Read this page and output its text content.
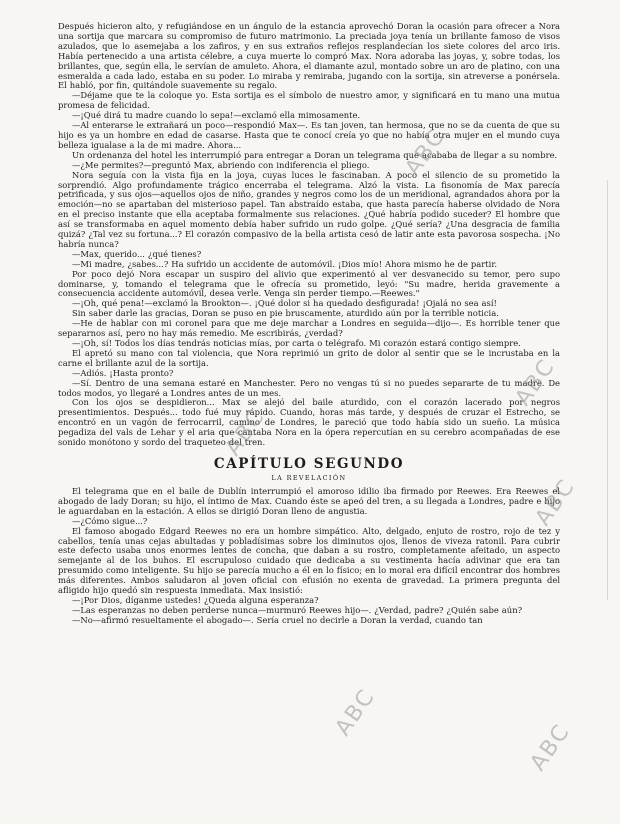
Después hicieron alto, y refugiándose en un ángulo de la estancia aprovechó Doran la ocasión para ofrecer a Nora una sortija que marcara su compromiso de futuro matrimonio. La preciada joya tenía un brillante famoso de visos azulados, que lo asemejaba a los zafiros, y en sus extraños reflejos resplandecían los siete colores del arco iris. Había pertenecido a una artista célebre, a cuya muerte lo compró Max. Nora adoraba las joyas, y, sobre todas, los brillantes, que, según ella, le servían de amuleto. Ahora, el diamante azul, montado sobre un aro de platino, con una esmeralda a cada lado, estaba en su poder. Lo miraba y remiraba, jugando con la sortija, sin atreverse a ponérsela. El habló, por fin, quitándole suavemente su regalo.

—Déjame que te la coloque yo. Esta sortija es el símbolo de nuestro amor, y significará en tu mano una mutua promesa de felicidad.

—¡Qué dirá tu madre cuando lo sepa!—exclamó ella mimosamente.

—Al enterarse le extrañará un poco—respondió Max—. Es tan joven, tan hermosa, que no se da cuenta de que su hijo es ya un hombre en edad de casarse. Hasta que te conocí creía yo que no había otra mujer en el mundo cuya belleza igualase a la de mi madre. Ahora...

Un ordenanza del hotel les interrumpió para entregar a Doran un telegrama que acababa de llegar a su nombre.

—¿Me permites?—preguntó Max, abriendo con indiferencia el pliego.

Nora seguía con la vista fija en la joya, cuyas luces le fascinaban. A poco el silencio de su prometido la sorprendió. Algo profundamente trágico encerraba el telegrama. Alzó la vista. La fisonomía de Max parecía petrificada, y sus ojos—aquellos ojos de niño, grandes y negros como los de un meridional, agrandados ahora por la emoción—no se apartaban del misterioso papel. Tan abstraído estaba, que hasta parecía haberse olvidado de Nora en el preciso instante que ella aceptaba formalmente sus relaciones. ¿Qué habría podido suceder? El hombre que así se transformaba en aquel momento debía haber sufrido un rudo golpe. ¿Qué sería? ¿Una desgracia de familia quizá? ¿Tal vez su fortuna...? El corazón compasivo de la bella artista cesó de latir ante esta pavorosa sospecha. ¡No habría nunca?

—Max, querido... ¿qué tienes?

—Mi madre, ¿sabes...? Ha sufrido un accidente de automóvil. ¡Dios mío! Ahora mismo he de partir.

Por poco dejó Nora escapar un suspiro del alivio que experimentó al ver desvanecido su temor, pero supo dominarse, y, tomando el telegrama que le ofrecía su prometido, leyó: "Su madre, herida gravemente a consecuencia accidente automóvil, desea verle. Venga sin perder tiempo.—Reewes."

—¡Oh, qué pena!—exclamó la Brookton—. ¡Qué dolor si ha quedado desfigurada! ¡Ojalá no sea así!

Sin saber darle las gracias, Doran se puso en pie bruscamente, aturdido aún por la terrible noticia.

—He de hablar con mi coronel para que me deje marchar a Londres en seguida—dijo—. Es horrible tener que separarnos así, pero no hay más remedio. Me escribirás, ¿verdad?

—¡Oh, sí! Todos los días tendrás noticias mías, por carta o telégrafo. Mi corazón estará contigo siempre.

El apretó su mano con tal violencia, que Nora reprimió un grito de dolor al sentir que se le incrustaba en la carne el brillante azul de la sortija.

—Adiós. ¡Hasta pronto?

—Sí. Dentro de una semana estaré en Manchester. Pero no vengas tú si no puedes separarte de tu madre. De todos modos, yo llegaré a Londres antes de un mes.

Con los ojos se despidieron... Max se alejó del baile aturdido, con el corazón lacerado por negros presentimientos. Después... todo fué muy rápido. Cuando, horas más tarde, y después de cruzar el Estrecho, se encontró en un vagón de ferrocarril, camino de Londres, le pareció que todo había sido un sueño. La música pegadiza del vals de Lehar y el aria que cantaba Nora en la ópera repercutían en su cerebro acompañadas de ese sonido monótono y sordo del traqueteo del tren.

CAPÍTULO SEGUNDO
LA REVELACIÓN

El telegrama que en el baile de Dublín interrumpió el amoroso idilio iba firmado por Reewes. Era Reewes el abogado de lady Doran; su hijo, el íntimo de Max. Cuando éste se apeó del tren, a su llegada a Londres, padre e hijo le aguardaban en la estación. A ellos se dirigió Doran lleno de angustia.

—¿Cómo sigue...?

El famoso abogado Edgard Reewes no era un hombre simpático. Alto, delgado, enjuto de rostro, rojo de tez y cabellos, tenía unas cejas abultadas y pobladísimas sobre los diminutos ojos, llenos de viveza ratonil. Para cubrir este defecto usaba unos enormes lentes de concha, que daban a su rostro, completamente afeitado, un aspecto semejante al de los buhos. El escrupuloso cuidado que dedicaba a su vestimenta hacía adivinar que era tan presumido como inteligente. Su hijo se parecía mucho a él en lo físico; en lo moral era difícil encontrar dos hombres más diferentes. Ambos saludaron al joven oficial con efusión no exenta de gravedad. La primera pregunta del afligido hijo quedó sin respuesta inmediata. Max insistió:

—¡Por Dios, díganme ustedes! ¿Queda alguna esperanza?

—Las esperanzas no deben perderse nunca—murmuró Reewes hijo—. ¿Verdad, padre? ¿Quién sabe aún?

—No—afirmó resueltamente el abogado—. Sería cruel no decirle a Doran la verdad, cuando tan

ABC
ABC
ABC
ABC
ABC
ABC
